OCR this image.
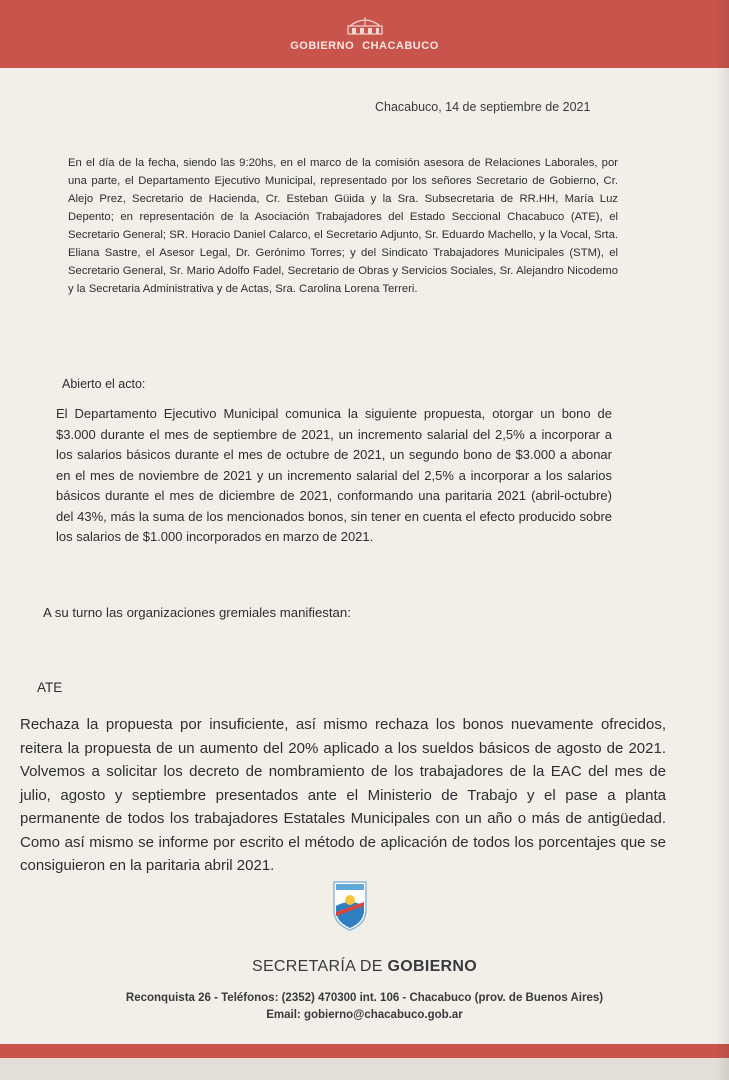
GOBIERNO CHACABUCO
Chacabuco, 14 de septiembre de 2021

En el día de la fecha, siendo las 9:20hs, en el marco de la comisión asesora de Relaciones Laborales, por una parte, el Departamento Ejecutivo Municipal, representado por los señores Secretario de Gobierno, Cr. Alejo Prez, Secretario de Hacienda, Cr. Esteban Güida y la Sra. Subsecretaria de RR.HH, María Luz Depento; en representación de la Asociación Trabajadores del Estado Seccional Chacabuco (ATE), el Secretario General; SR. Horacio Daniel Calarco, el Secretario Adjunto, Sr. Eduardo Machello, y la Vocal, Srta. Eliana Sastre, el Asesor Legal, Dr. Gerónimo Torres; y del Sindicato Trabajadores Municipales (STM), el Secretario General, Sr. Mario Adolfo Fadel, Secretario de Obras y Servicios Sociales, Sr. Alejandro Nicodemo y la Secretaria Administrativa y de Actas, Sra. Carolina Lorena Terreri.

Abierto el acto:

El Departamento Ejecutivo Municipal comunica la siguiente propuesta, otorgar un bono de $3.000 durante el mes de septiembre de 2021, un incremento salarial del 2,5% a incorporar a los salarios básicos durante el mes de octubre de 2021, un segundo bono de $3.000 a abonar en el mes de noviembre de 2021 y un incremento salarial del 2,5% a incorporar a los salarios básicos durante el mes de diciembre de 2021, conformando una paritaria 2021 (abril-octubre) del 43%, más la suma de los mencionados bonos, sin tener en cuenta el efecto producido sobre los salarios de $1.000 incorporados en marzo de 2021.

A su turno las organizaciones gremiales manifiestan:

ATE

Rechaza la propuesta por insuficiente, así mismo rechaza los bonos nuevamente ofrecidos, reitera la propuesta de un aumento del 20% aplicado a los sueldos básicos de agosto de 2021. Volvemos a solicitar los decreto de nombramiento de los trabajadores de la EAC del mes de julio, agosto y septiembre presentados ante el Ministerio de Trabajo y el pase a planta permanente de todos los trabajadores Estatales Municipales con un año o más de antigüedad. Como así mismo se informe por escrito el método de aplicación de todos los porcentajes que se consiguieron en la paritaria abril 2021.

SECRETARÍA DE GOBIERNO
Reconquista 26 - Teléfonos: (2352) 470300 int. 106 - Chacabuco (prov. de Buenos Aires)
Email: gobierno@chacabuco.gob.ar
